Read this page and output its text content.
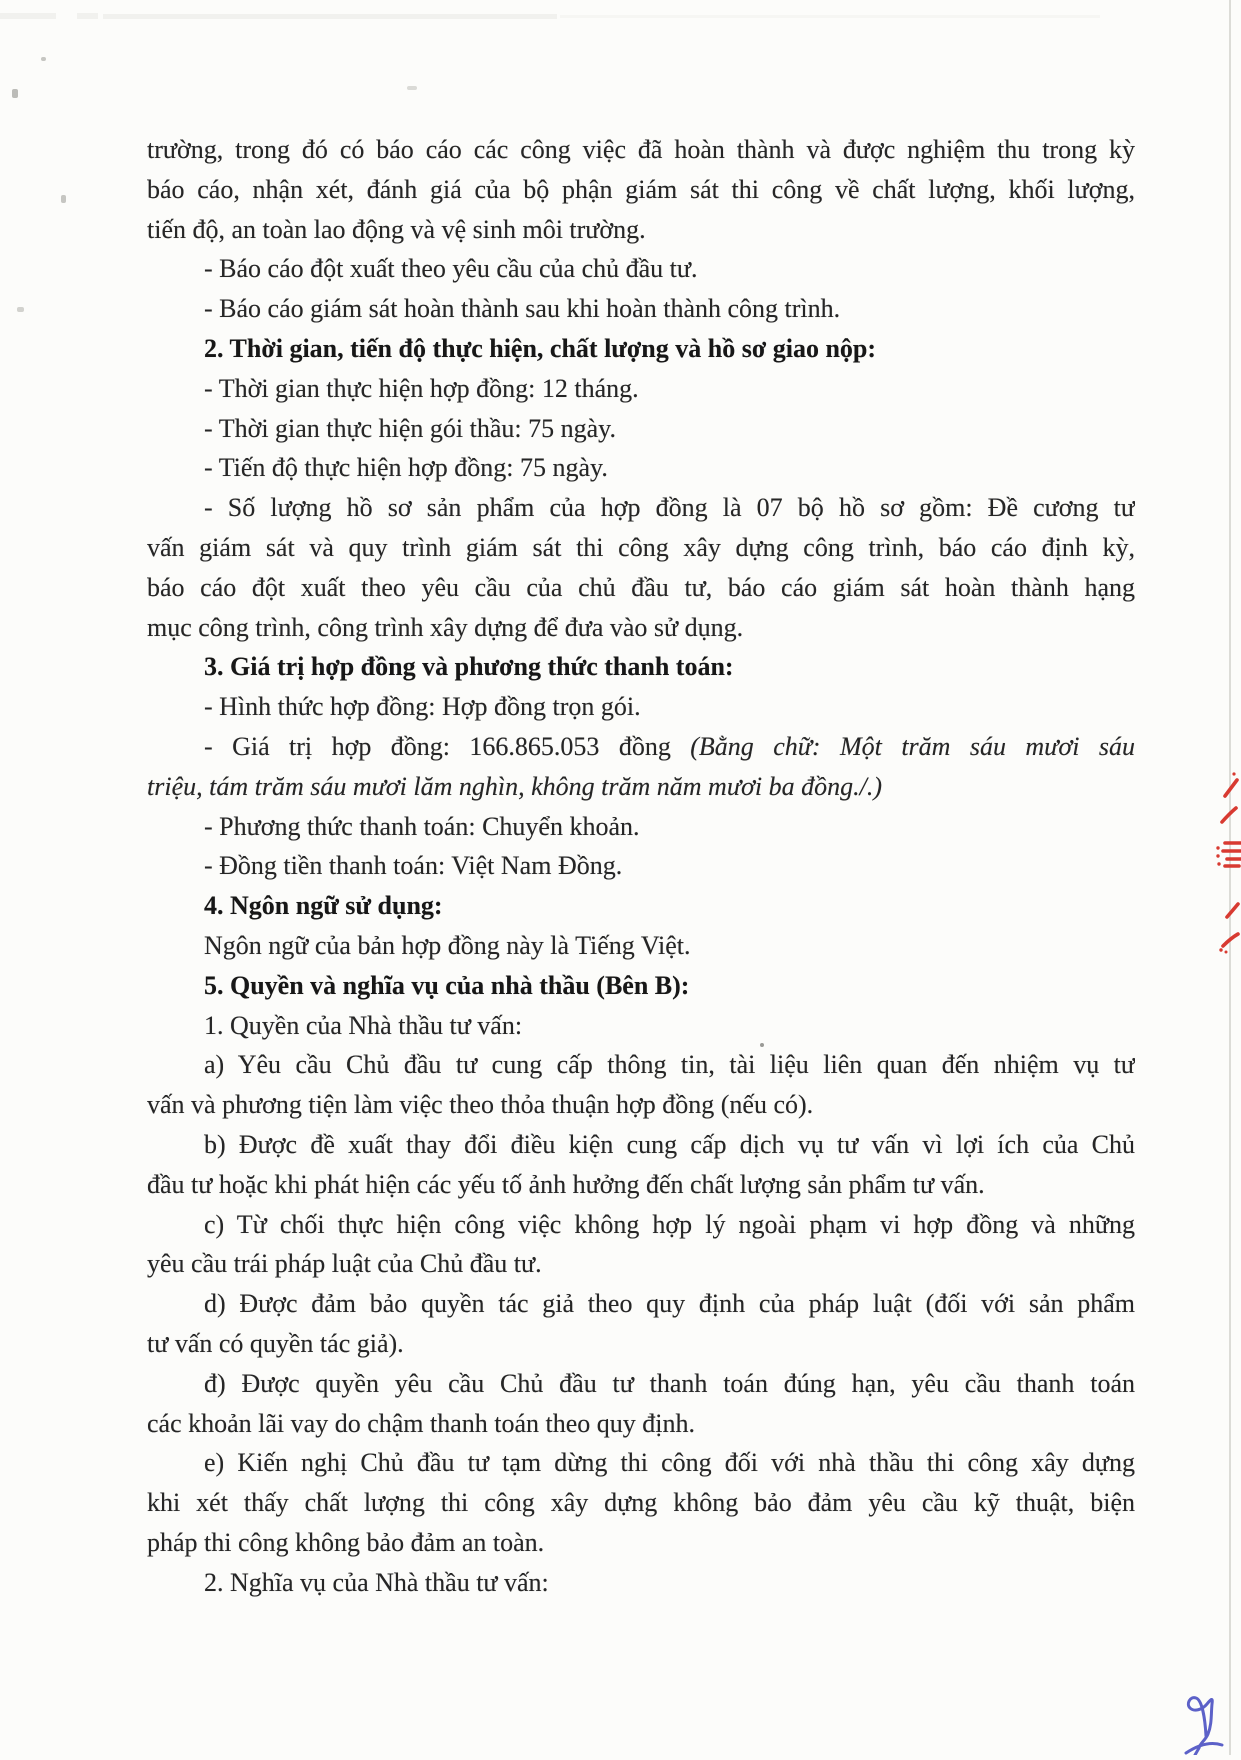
trường, trong đó có báo cáo các công việc đã hoàn thành và được nghiệm thu trong kỳ
báo cáo, nhận xét, đánh giá của bộ phận giám sát thi công về chất lượng, khối lượng,
tiến độ, an toàn lao động và vệ sinh môi trường.
- Báo cáo đột xuất theo yêu cầu của chủ đầu tư.
- Báo cáo giám sát hoàn thành sau khi hoàn thành công trình.
2. Thời gian, tiến độ thực hiện, chất lượng và hồ sơ giao nộp:
- Thời gian thực hiện hợp đồng: 12 tháng.
- Thời gian thực hiện gói thầu: 75 ngày.
- Tiến độ thực hiện hợp đồng: 75 ngày.
- Số lượng hồ sơ sản phẩm của hợp đồng là 07 bộ hồ sơ gồm: Đề cương tư
vấn giám sát và quy trình giám sát thi công xây dựng công trình, báo cáo định kỳ,
báo cáo đột xuất theo yêu cầu của chủ đầu tư, báo cáo giám sát hoàn thành hạng
mục công trình, công trình xây dựng để đưa vào sử dụng.
3. Giá trị hợp đồng và phương thức thanh toán:
- Hình thức hợp đồng: Hợp đồng trọn gói.
- Giá trị hợp đồng: 166.865.053 đồng (Bằng chữ: Một trăm sáu mươi sáu
triệu, tám trăm sáu mươi lăm nghìn, không trăm năm mươi ba đồng./.)
- Phương thức thanh toán: Chuyển khoản.
- Đồng tiền thanh toán: Việt Nam Đồng.
4. Ngôn ngữ sử dụng:
Ngôn ngữ của bản hợp đồng này là Tiếng Việt.
5. Quyền và nghĩa vụ của nhà thầu (Bên B):
1. Quyền của Nhà thầu tư vấn:
a) Yêu cầu Chủ đầu tư cung cấp thông tin, tài liệu liên quan đến nhiệm vụ tư
vấn và phương tiện làm việc theo thỏa thuận hợp đồng (nếu có).
b) Được đề xuất thay đổi điều kiện cung cấp dịch vụ tư vấn vì lợi ích của Chủ
đầu tư hoặc khi phát hiện các yếu tố ảnh hưởng đến chất lượng sản phẩm tư vấn.
c) Từ chối thực hiện công việc không hợp lý ngoài phạm vi hợp đồng và những
yêu cầu trái pháp luật của Chủ đầu tư.
d) Được đảm bảo quyền tác giả theo quy định của pháp luật (đối với sản phẩm
tư vấn có quyền tác giả).
đ) Được quyền yêu cầu Chủ đầu tư thanh toán đúng hạn, yêu cầu thanh toán
các khoản lãi vay do chậm thanh toán theo quy định.
e) Kiến nghị Chủ đầu tư tạm dừng thi công đối với nhà thầu thi công xây dựng
khi xét thấy chất lượng thi công xây dựng không bảo đảm yêu cầu kỹ thuật, biện
pháp thi công không bảo đảm an toàn.
2. Nghĩa vụ của Nhà thầu tư vấn:
